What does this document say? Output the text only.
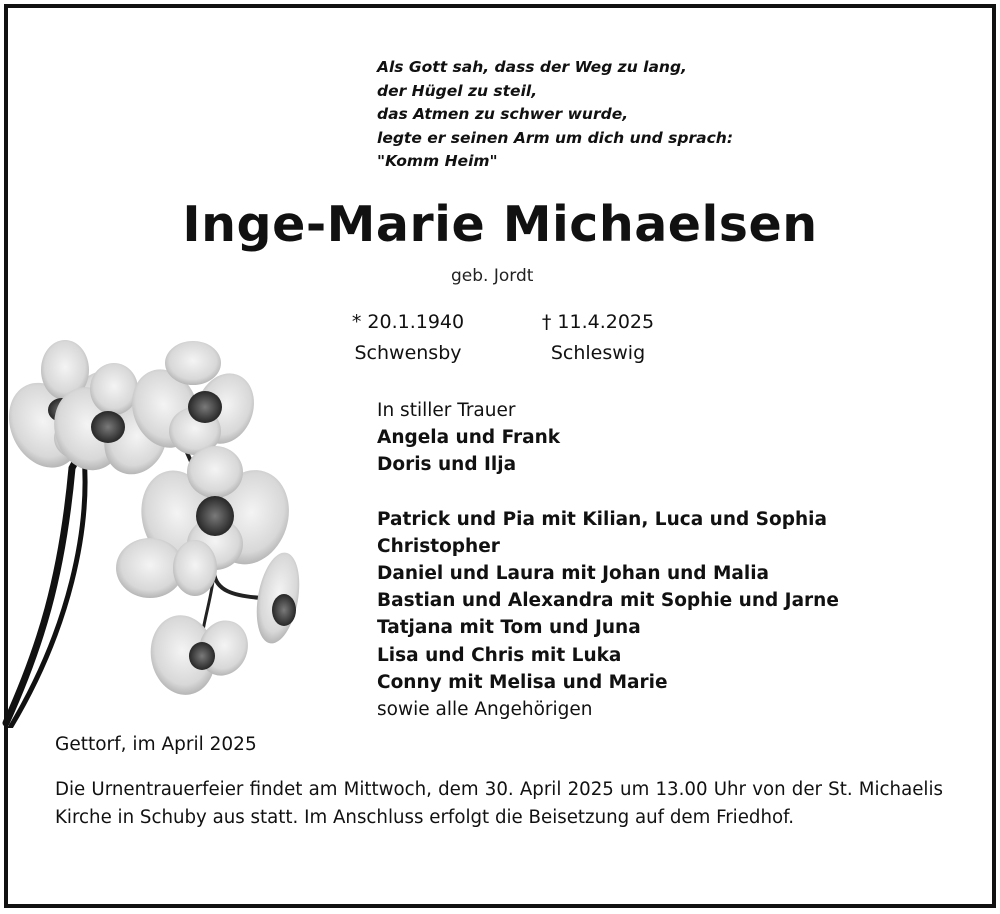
Als Gott sah, dass der Weg zu lang,
der Hügel zu steil,
das Atmen zu schwer wurde,
legte er seinen Arm um dich und sprach:
"Komm Heim"
Inge-Marie Michaelsen
geb. Jordt
* 20.1.1940
Schwensby
† 11.4.2025
Schleswig
In stiller Trauer
Angela und Frank
Doris und Ilja
Patrick und Pia mit Kilian, Luca und Sophia
Christopher
Daniel und Laura mit Johan und Malia
Bastian und Alexandra mit Sophie und Jarne
Tatjana mit Tom und Juna
Lisa und Chris mit Luka
Conny mit Melisa und Marie
sowie alle Angehörigen
Gettorf, im April 2025
Die Urnentrauerfeier findet am Mittwoch, dem 30. April 2025 um 13.00 Uhr von der St. Michaelis Kirche in Schuby aus statt. Im Anschluss erfolgt die Beisetzung auf dem Friedhof.
